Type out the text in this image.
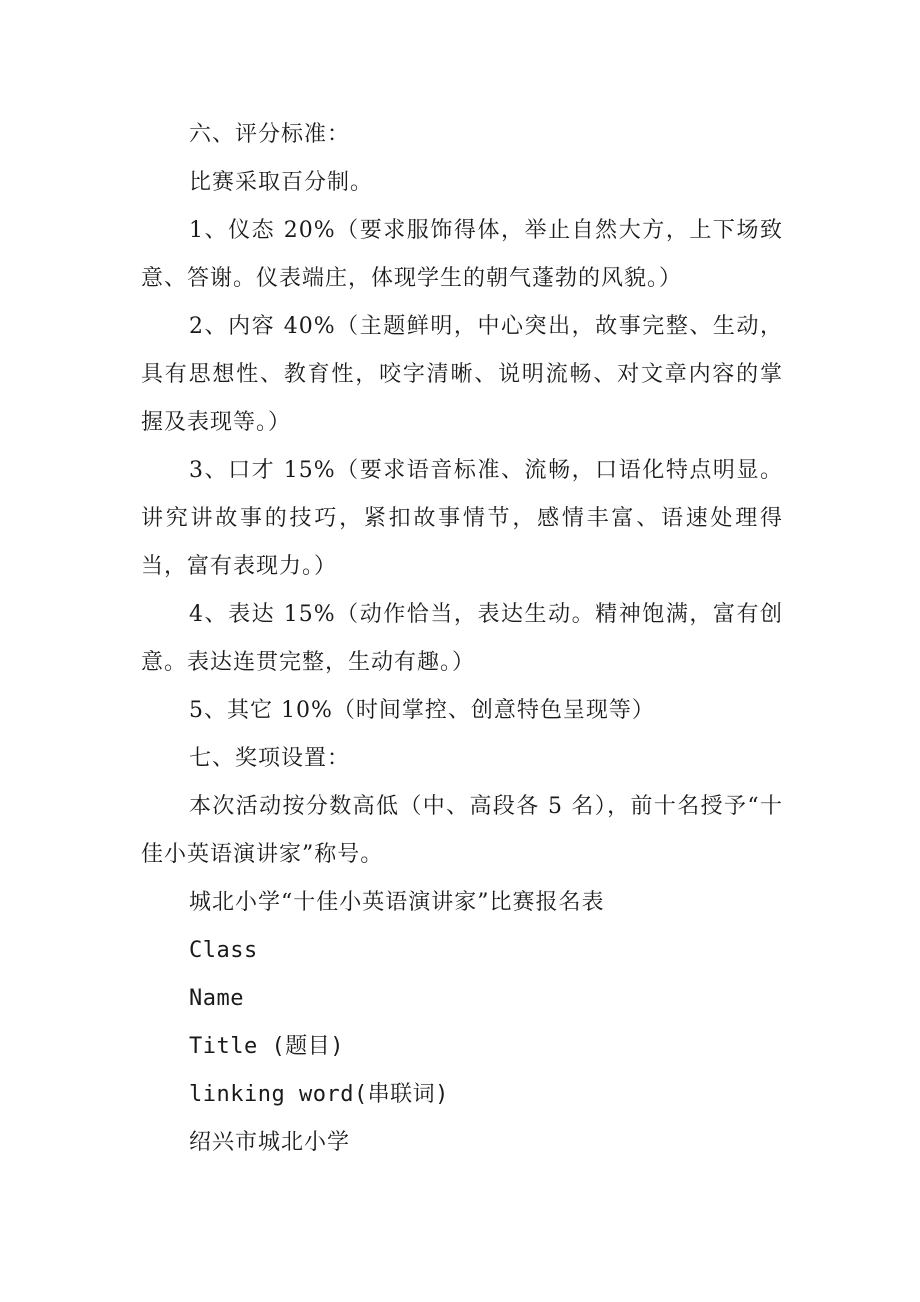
六、评分标准：

比赛采取百分制。

1、仪态 20%（要求服饰得体，举止自然大方，上下场致意、答谢。仪表端庄，体现学生的朝气蓬勃的风貌。）

2、内容 40%（主题鲜明，中心突出，故事完整、生动，具有思想性、教育性，咬字清晰、说明流畅、对文章内容的掌握及表现等。）

3、口才 15%（要求语音标准、流畅，口语化特点明显。讲究讲故事的技巧，紧扣故事情节，感情丰富、语速处理得当，富有表现力。）

4、表达 15%（动作恰当，表达生动。精神饱满，富有创意。表达连贯完整，生动有趣。）

5、其它 10%（时间掌控、创意特色呈现等）

七、奖项设置：

本次活动按分数高低（中、高段各 5 名），前十名授予“十佳小英语演讲家”称号。

城北小学“十佳小英语演讲家”比赛报名表

Class

Name

Title (题目)

linking word(串联词)

绍兴市城北小学
